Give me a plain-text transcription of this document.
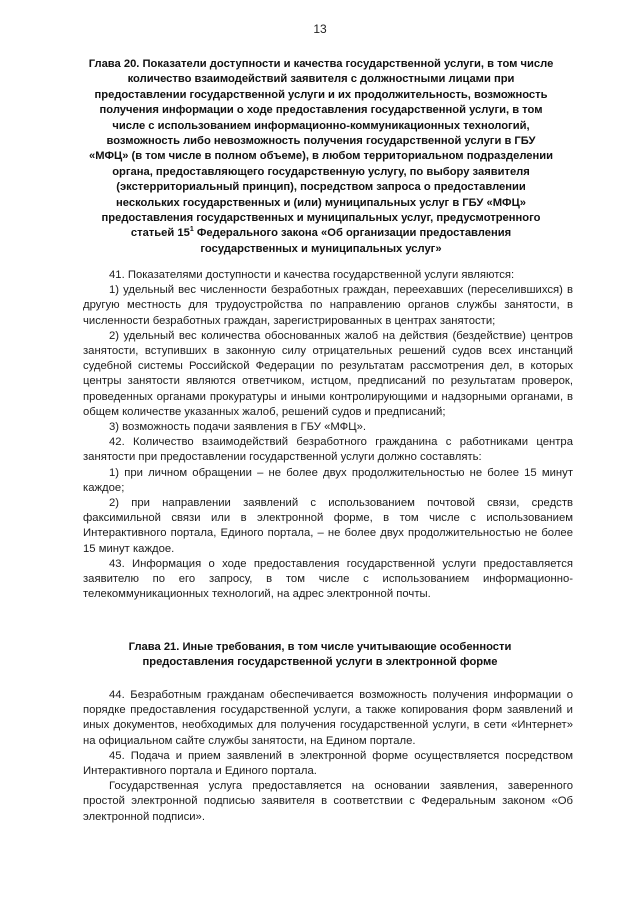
13
Глава 20. Показатели доступности и качества государственной услуги, в том числе количество взаимодействий заявителя с должностными лицами при предоставлении государственной услуги и их продолжительность, возможность получения информации о ходе предоставления государственной услуги, в том числе с использованием информационно-коммуникационных технологий, возможность либо невозможность получения государственной услуги в ГБУ «МФЦ» (в том числе в полном объеме), в любом территориальном подразделении органа, предоставляющего государственную услугу, по выбору заявителя (экстерриториальный принцип), посредством запроса о предоставлении нескольких государственных и (или) муниципальных услуг в ГБУ «МФЦ» предоставления государственных и муниципальных услуг, предусмотренного статьей $15^1$ Федерального закона «Об организации предоставления государственных и муниципальных услуг»

41. Показателями доступности и качества государственной услуги являются:

1) удельный вес численности безработных граждан, переехавших (переселившихся) в другую местность для трудоустройства по направлению органов службы занятости, в численности безработных граждан, зарегистрированных в центрах занятости;

2) удельный вес количества обоснованных жалоб на действия (бездействие) центров занятости, вступивших в законную силу отрицательных решений судов всех инстанций судебной системы Российской Федерации по результатам рассмотрения дел, в которых центры занятости являются ответчиком, истцом, предписаний по результатам проверок, проведенных органами прокуратуры и иными контролирующими и надзорными органами, в общем количестве указанных жалоб, решений судов и предписаний;

3) возможность подачи заявления в ГБУ «МФЦ».

42. Количество взаимодействий безработного гражданина с работниками центра занятости при предоставлении государственной услуги должно составлять:

1) при личном обращении – не более двух продолжительностью не более 15 минут каждое;

2) при направлении заявлений с использованием почтовой связи, средств факсимильной связи или в электронной форме, в том числе с использованием Интерактивного портала, Единого портала, – не более двух продолжительностью не более 15 минут каждое.

43. Информация о ходе предоставления государственной услуги предоставляется заявителю по его запросу, в том числе с использованием информационно-телекоммуникационных технологий, на адрес электронной почты.

Глава 21. Иные требования, в том числе учитывающие особенности
предоставления государственной услуги в электронной форме

44. Безработным гражданам обеспечивается возможность получения информации о порядке предоставления государственной услуги, а также копирования форм заявлений и иных документов, необходимых для получения государственной услуги, в сети «Интернет» на официальном сайте службы занятости, на Едином портале.

45. Подача и прием заявлений в электронной форме осуществляется посредством Интерактивного портала и Единого портала.

Государственная услуга предоставляется на основании заявления, заверенного простой электронной подписью заявителя в соответствии с Федеральным законом «Об электронной подписи».
